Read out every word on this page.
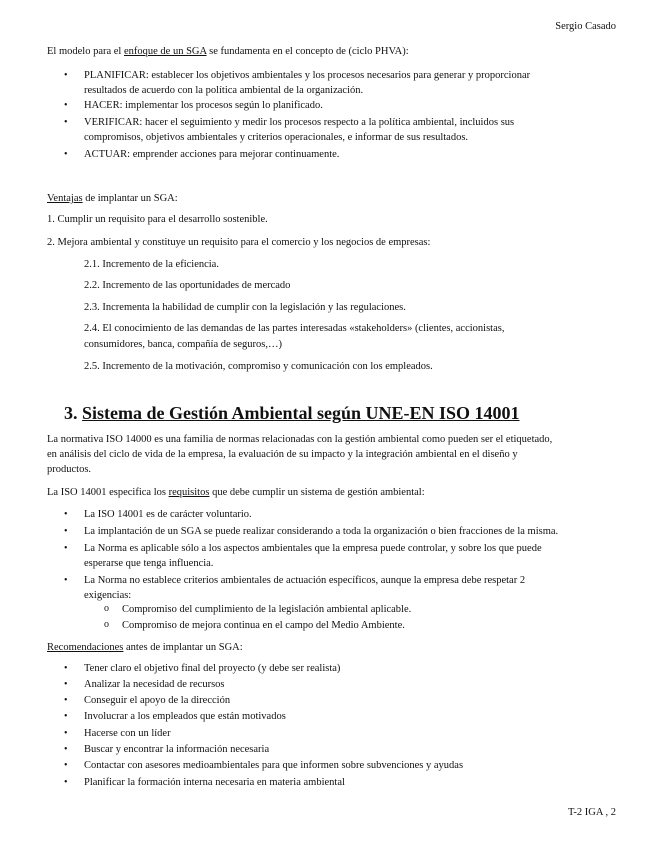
Sergio Casado
El modelo para el enfoque de un SGA se fundamenta en el concepto de (ciclo PHVA):
• PLANIFICAR: establecer los objetivos ambientales y los procesos necesarios para generar y proporcionar
resultados de acuerdo con la política ambiental de la organización.
• HACER: implementar los procesos según lo planificado.
• VERIFICAR: hacer el seguimiento y medir los procesos respecto a la política ambiental, incluidos sus
compromisos, objetivos ambientales y criterios operacionales, e informar de sus resultados.
• ACTUAR: emprender acciones para mejorar continuamente.
Ventajas de implantar un SGA:
1. Cumplir un requisito para el desarrollo sostenible.
2. Mejora ambiental y constituye un requisito para el comercio y los negocios de empresas:
2.1. Incremento de la eficiencia.
2.2. Incremento de las oportunidades de mercado
2.3. Incrementa la habilidad de cumplir con la legislación y las regulaciones.
2.4. El conocimiento de las demandas de las partes interesadas «stakeholders» (clientes, accionistas,
consumidores, banca, compañía de seguros,…)
2.5. Incremento de la motivación, compromiso y comunicación con los empleados.
3. Sistema de Gestión Ambiental según UNE-EN ISO 14001
La normativa ISO 14000 es una familia de normas relacionadas con la gestión ambiental como pueden ser el etiquetado,
en análisis del ciclo de vida de la empresa, la evaluación de su impacto y la integración ambiental en el diseño y
productos.
La ISO 14001 especifica los requisitos que debe cumplir un sistema de gestión ambiental:
• La ISO 14001 es de carácter voluntario.
• La implantación de un SGA se puede realizar considerando a toda la organización o bien fracciones de la misma.
• La Norma es aplicable sólo a los aspectos ambientales que la empresa puede controlar, y sobre los que puede
esperarse que tenga influencia.
• La Norma no establece criterios ambientales de actuación específicos, aunque la empresa debe respetar 2
exigencias:
o Compromiso del cumplimiento de la legislación ambiental aplicable.
o Compromiso de mejora continua en el campo del Medio Ambiente.
Recomendaciones antes de implantar un SGA:
• Tener claro el objetivo final del proyecto (y debe ser realista)
• Analizar la necesidad de recursos
• Conseguir el apoyo de la dirección
• Involucrar a los empleados que están motivados
• Hacerse con un líder
• Buscar y encontrar la información necesaria
• Contactar con asesores medioambientales para que informen sobre subvenciones y ayudas
• Planificar la formación interna necesaria en materia ambiental
T-2 IGA , 2
